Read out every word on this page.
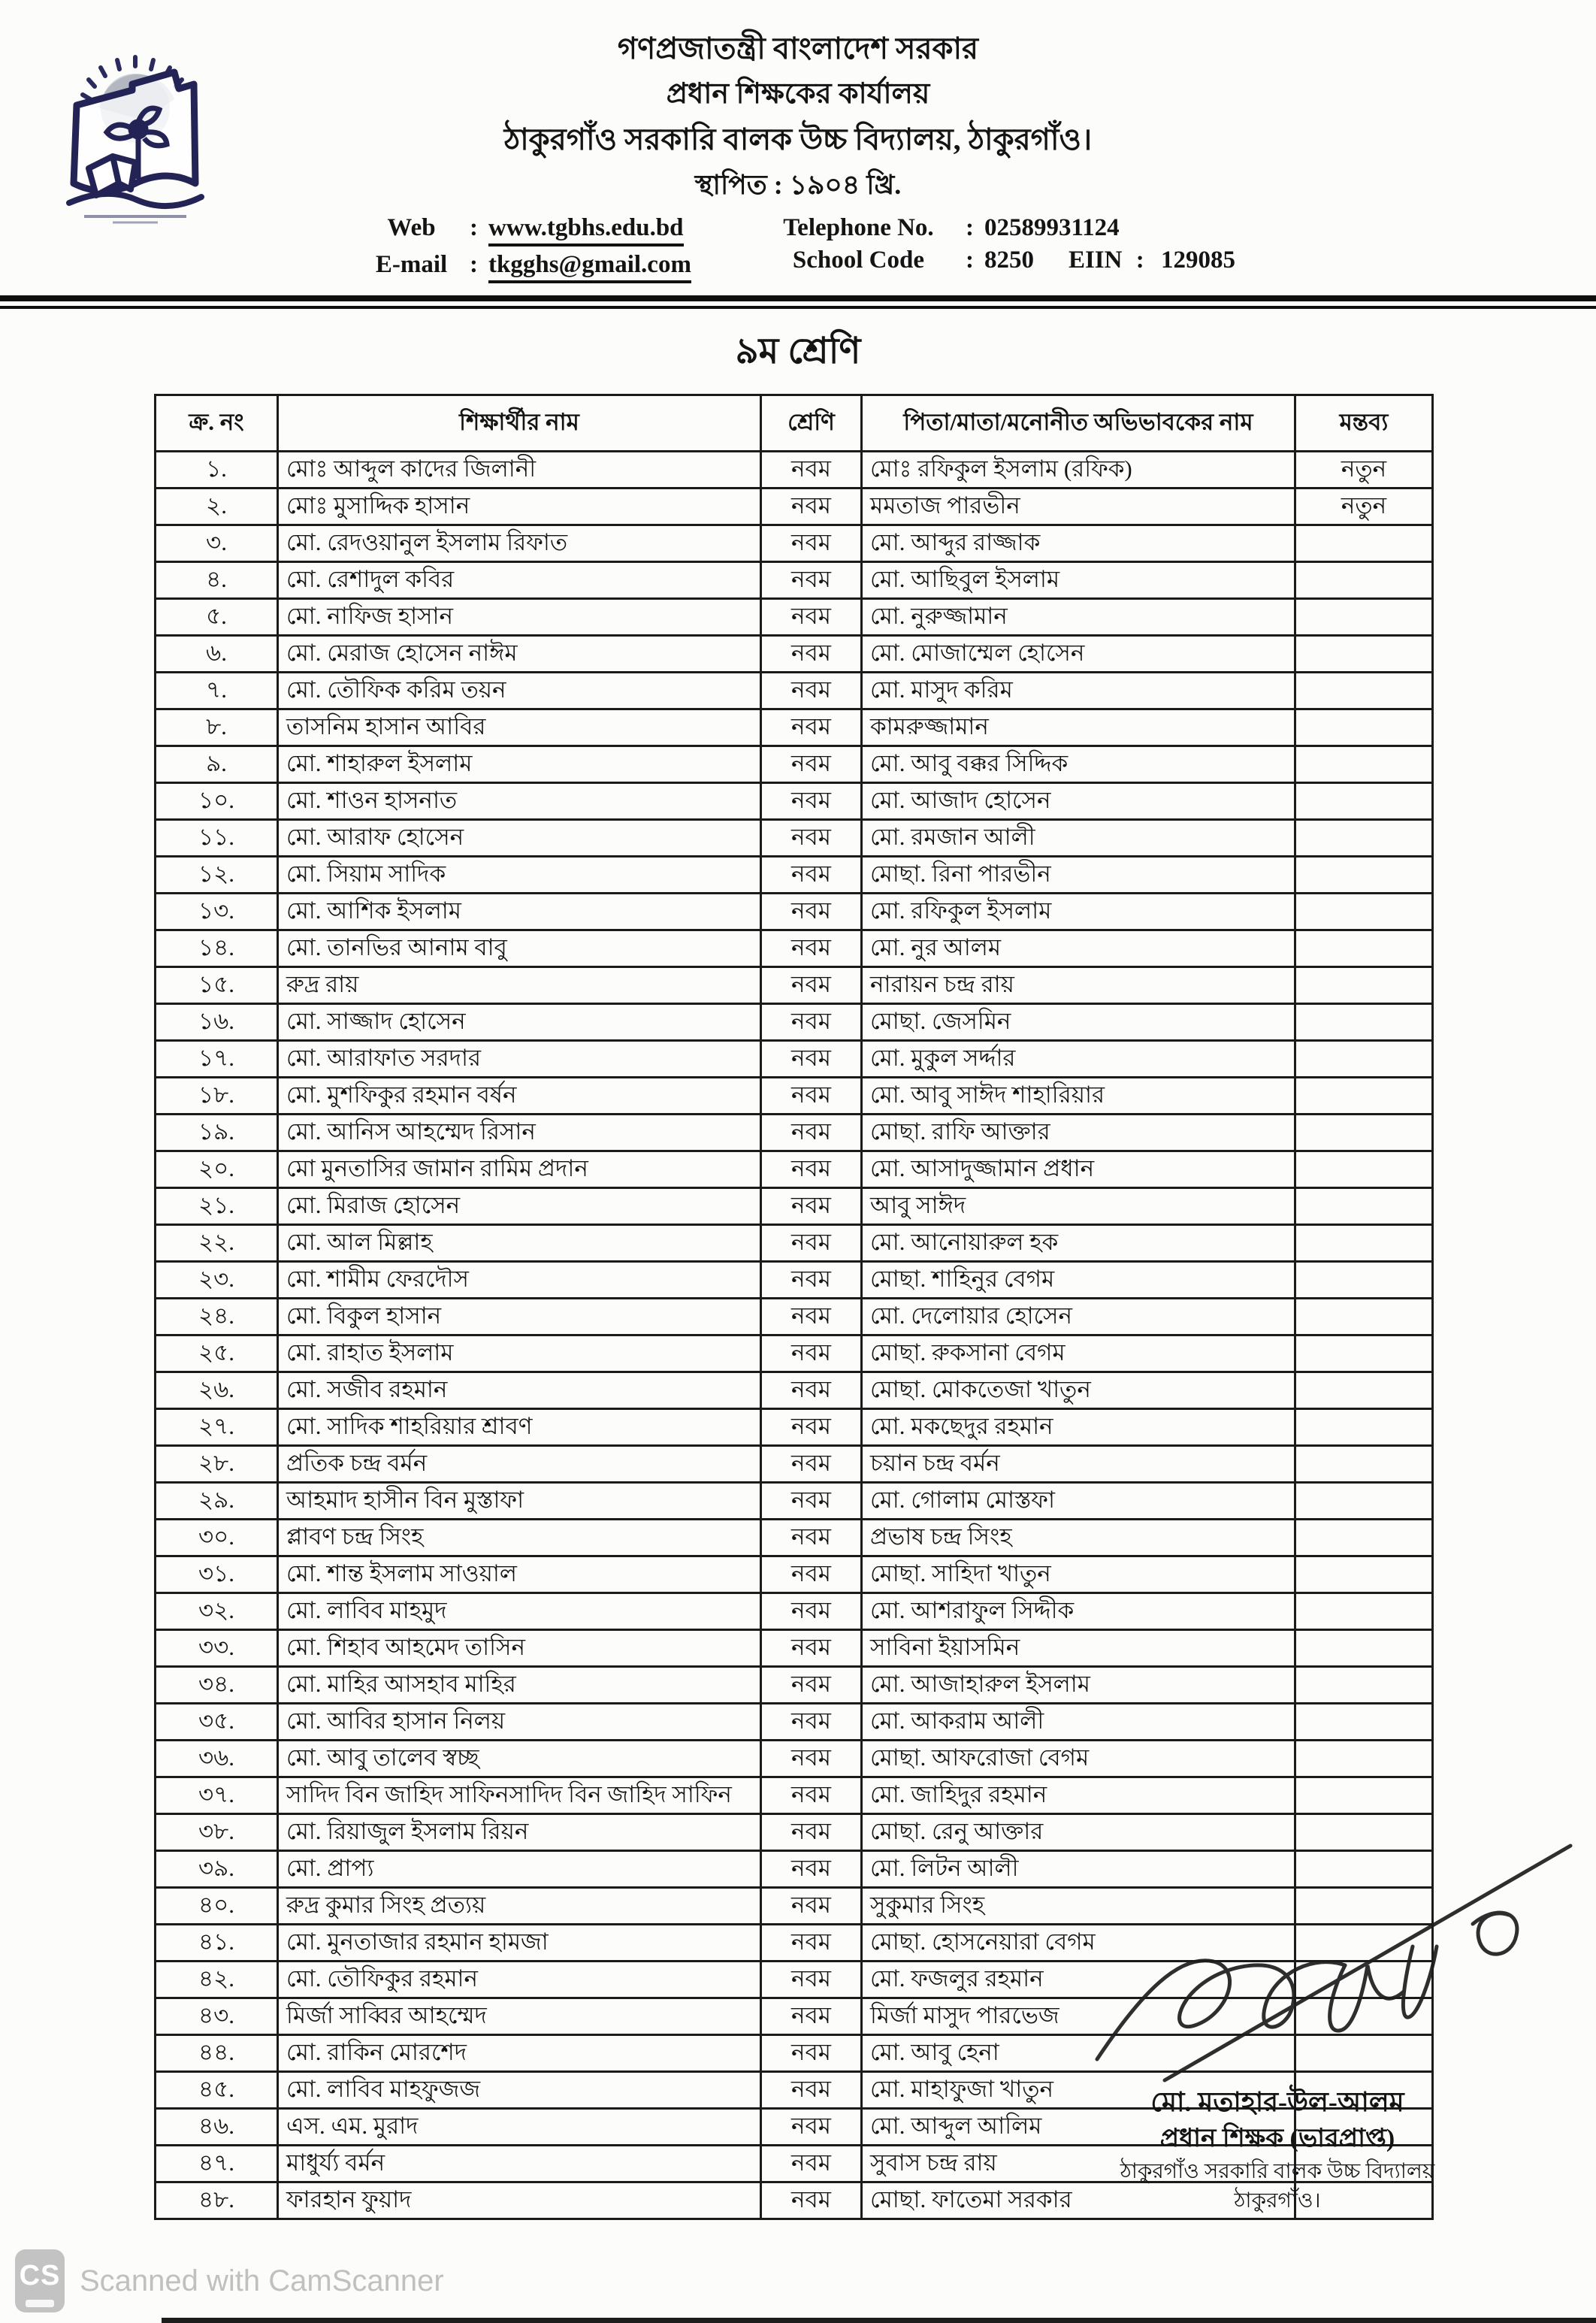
গণপ্রজাতন্ত্রী বাংলাদেশ সরকার
প্রধান শিক্ষকের কার্যালয়
ঠাকুরগাঁও সরকারি বালক উচ্চ বিদ্যালয়, ঠাকুরগাঁও।
স্থাপিত : ১৯০৪ খ্রি.
Web	: www.tgbhs.edu.bd
E-mail : tkgghs@gmail.com
Telephone No.	: 02589931124
School Code	: 8250 EIIN : 129085
৯ম শ্রেণি
ক্র. নং	শিক্ষার্থীর নাম	শ্রেণি	পিতা/মাতা/মনোনীত অভিভাবকের নাম	মন্তব্য
১.	মোঃ আব্দুল কাদের জিলানী	নবম	মোঃ রফিকুল ইসলাম (রফিক)	নতুন
২.	মোঃ মুসাদ্দিক হাসান	নবম	মমতাজ পারভীন	নতুন
৩.	মো. রেদওয়ানুল ইসলাম রিফাত	নবম	মো. আব্দুর রাজ্জাক	
৪.	মো. রেশাদুল কবির	নবম	মো. আছিবুল ইসলাম	
৫.	মো. নাফিজ হাসান	নবম	মো. নুরুজ্জামান	
৬.	মো. মেরাজ হোসেন নাঈম	নবম	মো. মোজাম্মেল হোসেন	
৭.	মো. তৌফিক করিম তয়ন	নবম	মো. মাসুদ করিম	
৮.	তাসনিম হাসান আবির	নবম	কামরুজ্জামান	
৯.	মো. শাহারুল ইসলাম	নবম	মো. আবু বক্কর সিদ্দিক	
১০.	মো. শাওন হাসনাত	নবম	মো. আজাদ হোসেন	
১১.	মো. আরাফ হোসেন	নবম	মো. রমজান আলী	
১২.	মো. সিয়াম সাদিক	নবম	মোছা. রিনা পারভীন	
১৩.	মো. আশিক ইসলাম	নবম	মো. রফিকুল ইসলাম	
১৪.	মো. তানভির আনাম বাবু	নবম	মো. নুর আলম	
১৫.	রুদ্র রায়	নবম	নারায়ন চন্দ্র রায়	
১৬.	মো. সাজ্জাদ হোসেন	নবম	মোছা. জেসমিন	
১৭.	মো. আরাফাত সরদার	নবম	মো. মুকুল সর্দ্দার	
১৮.	মো. মুশফিকুর রহমান বর্ষন	নবম	মো. আবু সাঈদ শাহারিয়ার	
১৯.	মো. আনিস আহম্মেদ রিসান	নবম	মোছা. রাফি আক্তার	
২০.	মো মুনতাসির জামান রামিম প্রদান	নবম	মো. আসাদুজ্জামান প্রধান	
২১.	মো. মিরাজ হোসেন	নবম	আবু সাঈদ	
২২.	মো. আল মিল্লাহ	নবম	মো. আনোয়ারুল হক	
২৩.	মো. শামীম ফেরদৌস	নবম	মোছা. শাহিনুর বেগম	
২৪.	মো. বিকুল হাসান	নবম	মো. দেলোয়ার হোসেন	
২৫.	মো. রাহাত ইসলাম	নবম	মোছা. রুকসানা বেগম	
২৬.	মো. সজীব রহমান	নবম	মোছা. মোকতেজা খাতুন	
২৭.	মো. সাদিক শাহরিয়ার শ্রাবণ	নবম	মো. মকছেদুর রহমান	
২৮.	প্রতিক চন্দ্র বর্মন	নবম	চয়ান চন্দ্র বর্মন	
২৯.	আহমাদ হাসীন বিন মুস্তাফা	নবম	মো. গোলাম মোস্তফা	
৩০.	প্লাবণ চন্দ্র সিংহ	নবম	প্রভাষ চন্দ্র সিংহ	
৩১.	মো. শান্ত ইসলাম সাওয়াল	নবম	মোছা. সাহিদা খাতুন	
৩২.	মো. লাবিব মাহমুদ	নবম	মো. আশরাফুল সিদ্দীক	
৩৩.	মো. শিহাব আহমেদ তাসিন	নবম	সাবিনা ইয়াসমিন	
৩৪.	মো. মাহির আসহাব মাহির	নবম	মো. আজাহারুল ইসলাম	
৩৫.	মো. আবির হাসান নিলয়	নবম	মো. আকরাম আলী	
৩৬.	মো. আবু তালেব স্বচ্ছ	নবম	মোছা. আফরোজা বেগম	
৩৭.	সাদিদ বিন জাহিদ সাফিনসাদিদ বিন জাহিদ সাফিন	নবম	মো. জাহিদুর রহমান	
৩৮.	মো. রিয়াজুল ইসলাম রিয়ন	নবম	মোছা. রেনু আক্তার	
৩৯.	মো. প্রাপ্য	নবম	মো. লিটন আলী	
৪০.	রুদ্র কুমার সিংহ প্রত্যয়	নবম	সুকুমার সিংহ	
৪১.	মো. মুনতাজার রহমান হামজা	নবম	মোছা. হোসনেয়ারা বেগম	
৪২.	মো. তৌফিকুর রহমান	নবম	মো. ফজলুর রহমান	
৪৩.	মির্জা সাব্বির আহম্মেদ	নবম	মির্জা মাসুদ পারভেজ	
৪৪.	মো. রাকিন মোরশেদ	নবম	মো. আবু হেনা	
৪৫.	মো. লাবিব মাহফুজজ	নবম	মো. মাহাফুজা খাতুন	
৪৬.	এস. এম. মুরাদ	নবম	মো. আব্দুল আলিম	
৪৭.	মাধুর্য্য বর্মন	নবম	সুবাস চন্দ্র রায়	
৪৮.	ফারহান ফুয়াদ	নবম	মোছা. ফাতেমা সরকার	
মো. মতাহার-উল-আলম
প্রধান শিক্ষক (ভারপ্রাপ্ত)
ঠাকুরগাঁও সরকারি বালক উচ্চ বিদ্যালয়
ঠাকুরগাঁও।
CS Scanned with CamScanner
